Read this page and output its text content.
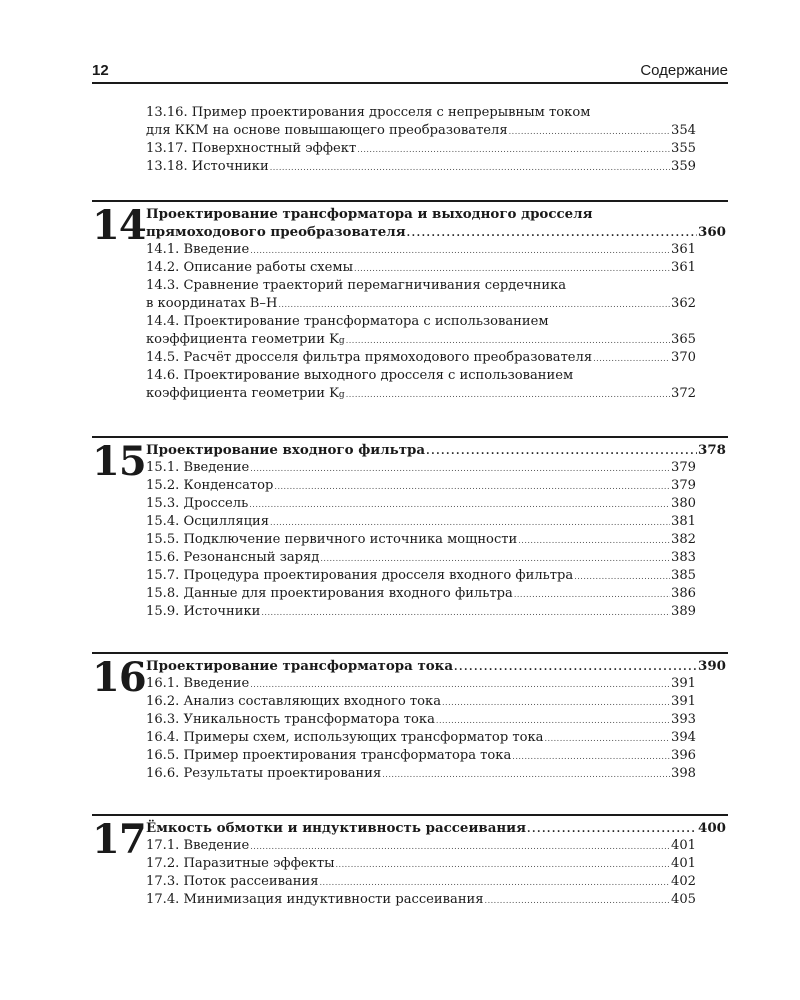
12	Содержание
13.16. Пример проектирования дросселя с непрерывным током
для ККМ на основе повышающего преобразователя .....	354
13.17. Поверхностный эффект .....	355
13.18. Источники .....	359
14 Проектирование трансформатора и выходного дросселя
прямоходового преобразователя .....	360
14.1. Введение .....	361
14.2. Описание работы схемы .....	361
14.3. Сравнение траекторий перемагничивания сердечника
в координатах B–H .....	362
14.4. Проектирование трансформатора с использованием
коэффициента геометрии K g .....	365
14.5. Расчёт дросселя фильтра прямоходового преобразователя .....	370
14.6. Проектирование выходного дросселя с использованием
коэффициента геометрии K g .....	372
15 Проектирование входного фильтра .....	378
15.1. Введение .....	379
15.2. Конденсатор .....	379
15.3. Дроссель .....	380
15.4. Осцилляция .....	381
15.5. Подключение первичного источника мощности .....	382
15.6. Резонансный заряд .....	383
15.7. Процедура проектирования дросселя входного фильтра .....	385
15.8. Данные для проектирования входного фильтра .....	386
15.9. Источники .....	389
16 Проектирование трансформатора тока .....	390
16.1. Введение .....	391
16.2. Анализ составляющих входного тока .....	391
16.3. Уникальность трансформатора тока .....	393
16.4. Примеры схем, использующих трансформатор тока .....	394
16.5. Пример проектирования трансформатора тока .....	396
16.6. Результаты проектирования .....	398
17 Ёмкость обмотки и индуктивность рассеивания .....	400
17.1. Введение .....	401
17.2. Паразитные эффекты .....	401
17.3. Поток рассеивания .....	402
17.4. Минимизация индуктивности рассеивания .....	405
